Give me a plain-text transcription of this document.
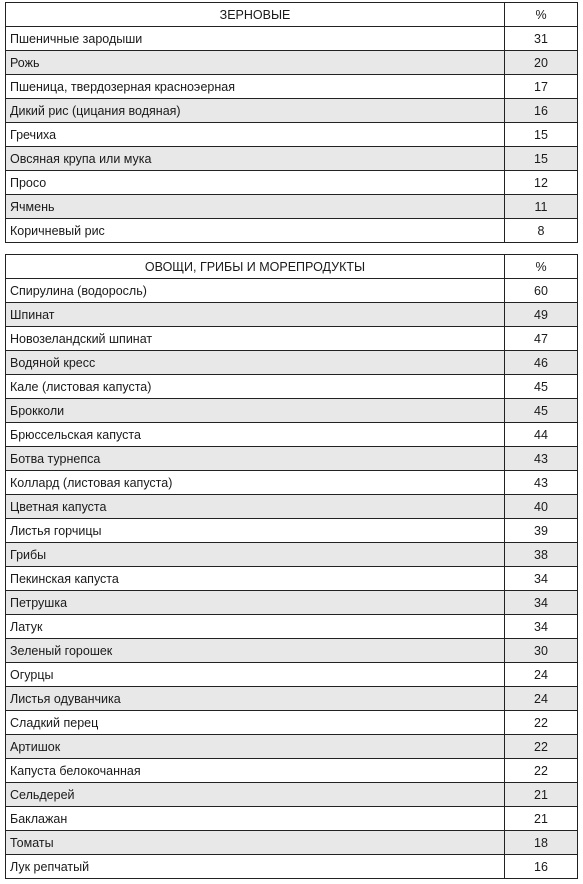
ЗЕРНОВЫЕ	%
Пшеничные зародыши	31
Рожь	20
Пшеница, твердозерная красноэерная	17
Дикий рис (цицания водяная)	16
Гречиха	15
Овсяная крупа или мука	15
Просо	12
Ячмень	11
Коричневый рис	8
ОВОЩИ, ГРИБЫ И МОРЕПРОДУКТЫ	%
Спирулина (водоросль)	60
Шпинат	49
Новозеландский шпинат	47
Водяной кресс	46
Кале (листовая капуста)	45
Брокколи	45
Брюссельская капуста	44
Ботва турнепса	43
Коллард (листовая капуста)	43
Цветная капуста	40
Листья горчицы	39
Грибы	38
Пекинская капуста	34
Петрушка	34
Латук	34
Зеленый горошек	30
Огурцы	24
Листья одуванчика	24
Сладкий перец	22
Артишок	22
Капуста белокочанная	22
Сельдерей	21
Баклажан	21
Томаты	18
Лук репчатый	16
